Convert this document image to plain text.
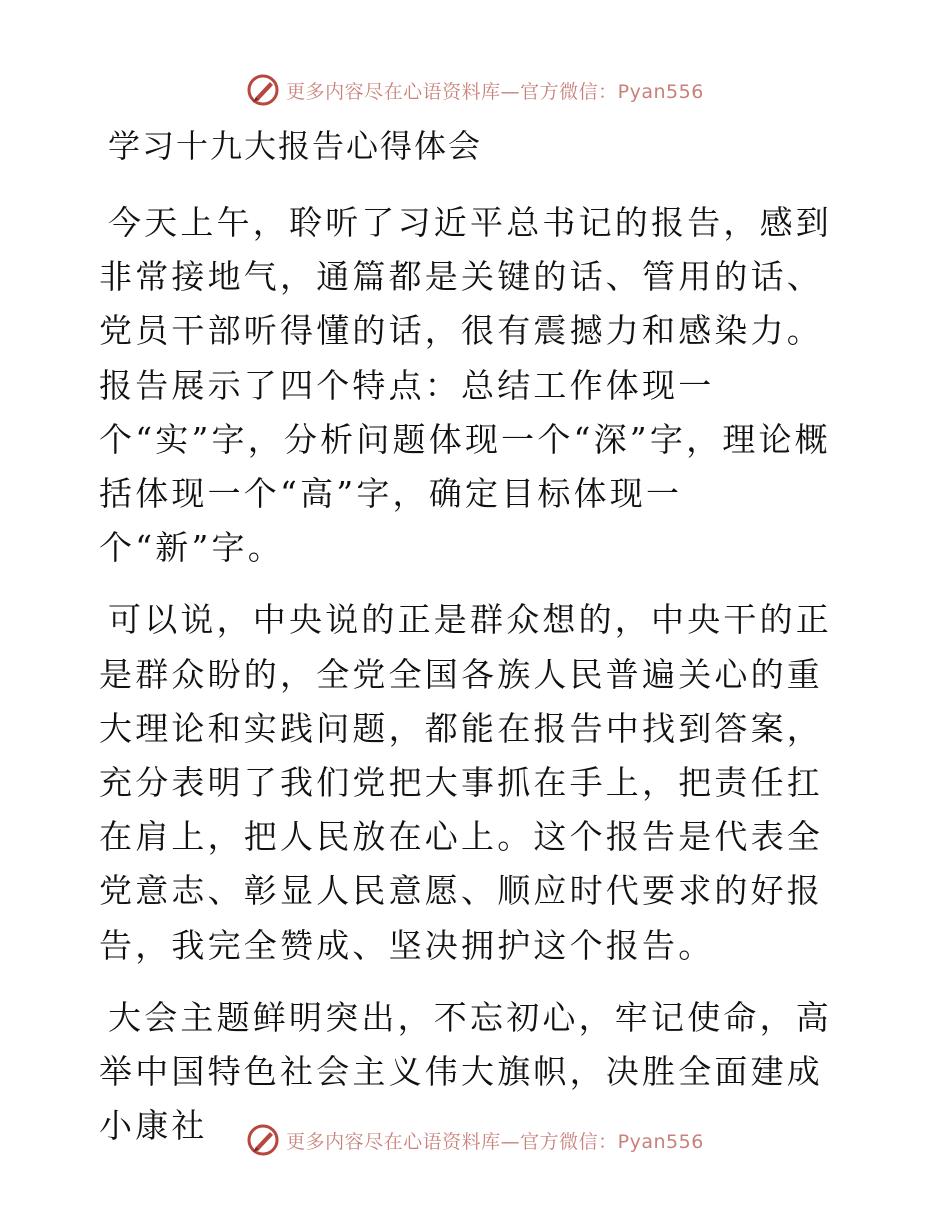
更多内容尽在心语资料库—官方微信：Pyan556
学习十九大报告心得体会

今天上午，聆听了习近平总书记的报告，感到非常接地气，通篇都是关键的话、管用的话、党员干部听得懂的话，很有震撼力和感染力。报告展示了四个特点：总结工作体现一个“实”字，分析问题体现一个“深”字，理论概括体现一个“高”字，确定目标体现一个“新”字。

可以说，中央说的正是群众想的，中央干的正是群众盼的，全党全国各族人民普遍关心的重大理论和实践问题，都能在报告中找到答案，充分表明了我们党把大事抓在手上，把责任扛在肩上，把人民放在心上。这个报告是代表全党意志、彰显人民意愿、顺应时代要求的好报告，我完全赞成、坚决拥护这个报告。

大会主题鲜明突出，不忘初心，牢记使命，高举中国特色社会主义伟大旗帜，决胜全面建成小康社	更多内容尽在心语资料库—官方微信：Pyan556
